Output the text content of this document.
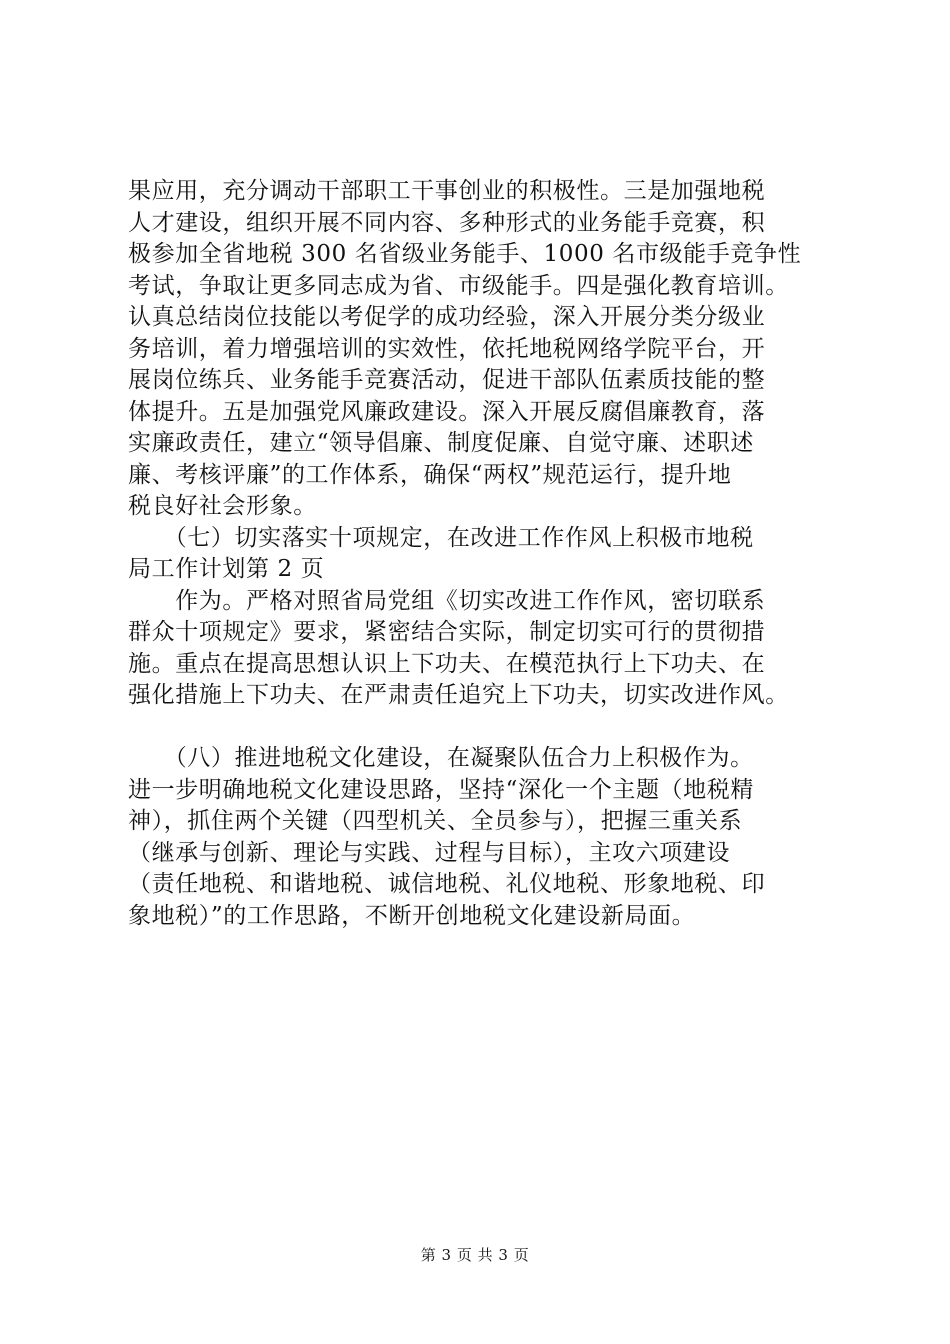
果应用，充分调动干部职工干事创业的积极性。三是加强地税
人才建设，组织开展不同内容、多种形式的业务能手竞赛，积
极参加全省地税 300 名省级业务能手、1000 名市级能手竞争性
考试，争取让更多同志成为省、市级能手。四是强化教育培训。
认真总结岗位技能以考促学的成功经验，深入开展分类分级业
务培训，着力增强培训的实效性，依托地税网络学院平台，开
展岗位练兵、业务能手竞赛活动，促进干部队伍素质技能的整
体提升。五是加强党风廉政建设。深入开展反腐倡廉教育，落
实廉政责任，建立“领导倡廉、制度促廉、自觉守廉、述职述
廉、考核评廉”的工作体系，确保“两权”规范运行，提升地
税良好社会形象。
　　（七）切实落实十项规定，在改进工作作风上积极市地税
局工作计划第 2 页
　　作为。严格对照省局党组《切实改进工作作风，密切联系
群众十项规定》要求，紧密结合实际，制定切实可行的贯彻措
施。重点在提高思想认识上下功夫、在模范执行上下功夫、在
强化措施上下功夫、在严肃责任追究上下功夫，切实改进作风。
　　（八）推进地税文化建设，在凝聚队伍合力上积极作为。
进一步明确地税文化建设思路，坚持“深化一个主题（地税精
神），抓住两个关键（四型机关、全员参与），把握三重关系
（继承与创新、理论与实践、过程与目标），主攻六项建设
（责任地税、和谐地税、诚信地税、礼仪地税、形象地税、印
象地税）”的工作思路，不断开创地税文化建设新局面。
第 3 页 共 3 页
